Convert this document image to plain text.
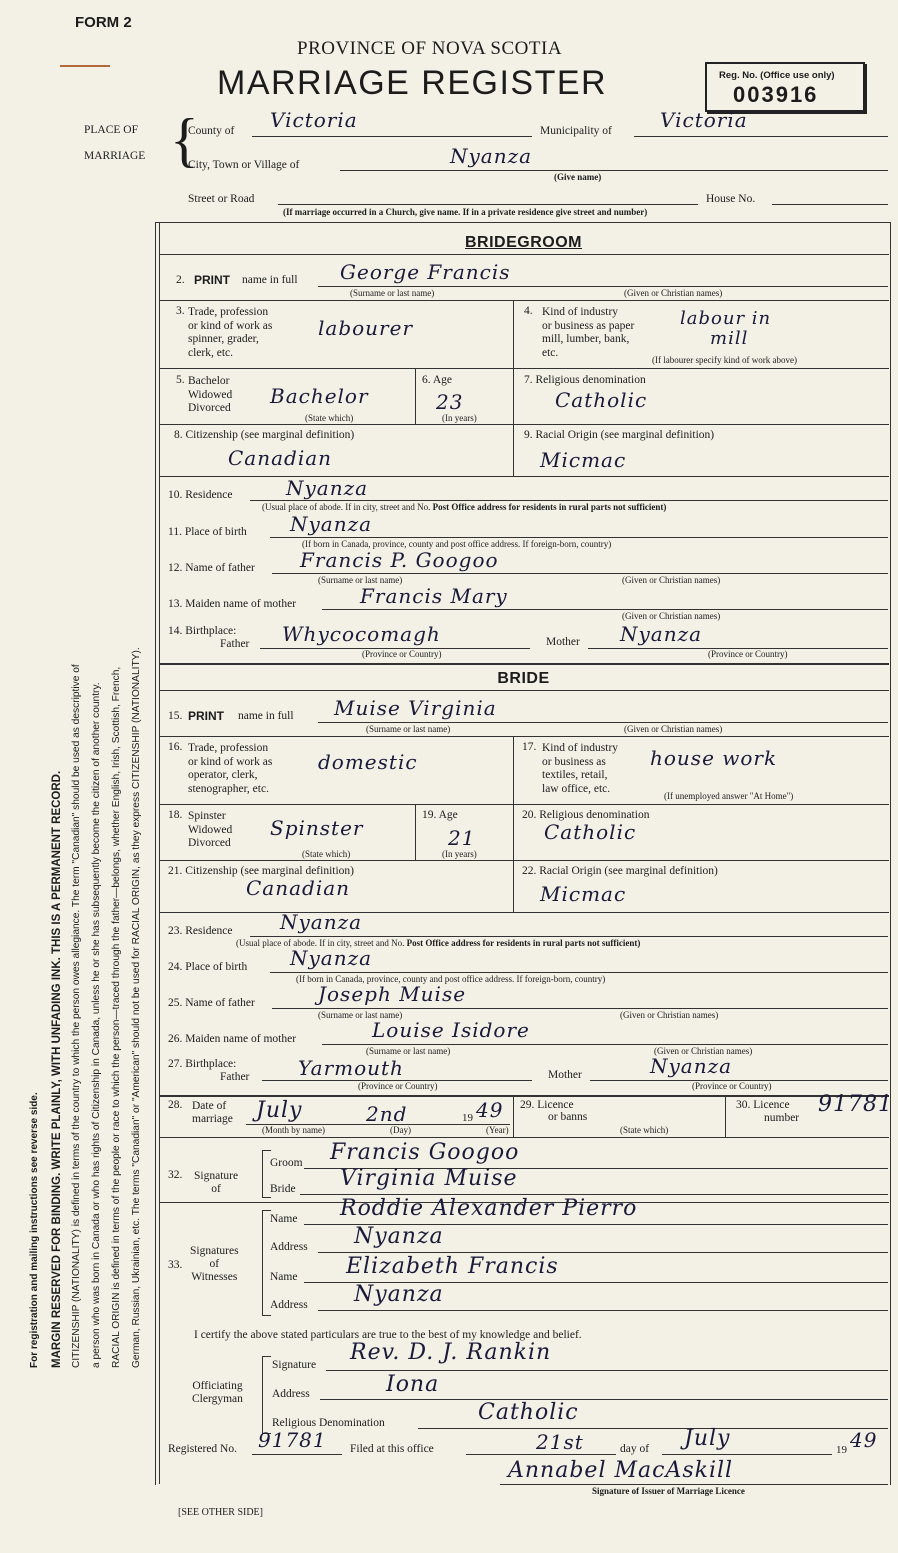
FORM 2
PROVINCE OF NOVA SCOTIA
MARRIAGE REGISTER	Reg. No. (Office use only)
003916
PLACE OF
MARRIAGE {
County of Victoria	Municipality of Victoria
City, Town or Village of	Nyanza
(Give name)
Street or Road	House No.
(If marriage occurred in a Church, give name. If in a private residence give street and number)
BRIDEGROOM
2. PRINT name in full George Francis
(Surname or last name)	(Given or Christian names)
3. Trade, profession
or kind of work as
spinner, grader,
clerk, etc.
labourer
4. Kind of industry
or business as paper
mill, lumber, bank,
etc.
labour in
mill
(If labourer specify kind of work above)
5. Bachelor
Widowed
Divorced Bachelor
(State which)
6. Age
23
(In years)
7. Religious denomination
Catholic
8. Citizenship (see marginal definition)
Canadian
9. Racial Origin (see marginal definition)
Micmac
10. Residence	Nyanza
(Usual place of abode. If in city, street and No. Post Office address for residents in rural parts not sufficient)
11. Place of birth Nyanza
(If born in Canada, province, county and post office address. If foreign-born, country)
12. Name of father Francis P. Googoo
(Surname or last name)	(Given or Christian names)
13. Maiden name of mother	Francis Mary
(Given or Christian names)
14. Birthplace:
Father Whycocomagh	Mother Nyanza
(Province or Country)	(Province or Country)
BRIDE
15. PRINT name in full Muise Virginia
(Surname or last name)	(Given or Christian names)
16. Trade, profession
or kind of work as
operator, clerk,
stenographer, etc.
domestic
17. Kind of industry
or business as
textiles, retail,
law office, etc.
house work
(If unemployed answer "At Home")
18. Spinster
Widowed
Divorced
Spinster
(State which)
19. Age
21
(In years)
20. Religious denomination
Catholic
21. Citizenship (see marginal definition)
Canadian
22. Racial Origin (see marginal definition)
Micmac
23. Residence Nyanza
(Usual place of abode. If in city, street and No. Post Office address for residents in rural parts not sufficient)
24. Place of birth Nyanza
(If born in Canada, province, county and post office address. If foreign-born, country)
25. Name of father	Joseph Muise
(Surname or last name)	(Given or Christian names)
26. Maiden name of mother	Louise Isidore
(Surname or last name)	(Given or Christian names)
27. Birthplace:
Father Yarmouth	Mother	Nyanza
(Province or Country)	(Province or Country)
28. Date of
marriage July	2nd	19 49
(Month by name)	(Day)	(Year)
29. Licence
or banns
(State which)
30. Licence
number
91781
32. Signature
of
Groom Francis Googoo
Bride Virginia Muise
33.
Signatures
of
Witnesses
Name Roddie Alexander Pierro
Address Nyanza
Name Elizabeth Francis
Address Nyanza
I certify the above stated particulars are true to the best of my knowledge and belief.
Officiating
Clergyman
Signature Rev. D. J. Rankin
Address	Iona
Religious Denomination	Catholic
Registered No. 91781 Filed at this office	21st	day of July	19 49
Annabel MacAskill
Signature of Issuer of Marriage Licence
[SEE OTHER SIDE]
For registration and mailing instructions see reverse side. MARGIN RESERVED FOR BINDING. WRITE PLAINLY, WITH UNFADING INK. THIS IS A PERMANENT RECORD. CITIZENSHIP (NATIONALITY) is defined in terms of the country to which the person owes allegiance. The term "Canadian" should be used as descriptive of a person who was born in Canada or who has rights of Citizenship in Canada, unless he or she has subsequently become the citizen of another country. RACIAL ORIGIN is defined in terms of the people or race to which the person—traced through the father—belongs, whether English, Irish, Scottish, French, German, Russian, Ukrainian, etc. The terms "Canadian" or "American" should not be used for RACIAL ORIGIN, as they express CITIZENSHIP (NATIONALITY).
